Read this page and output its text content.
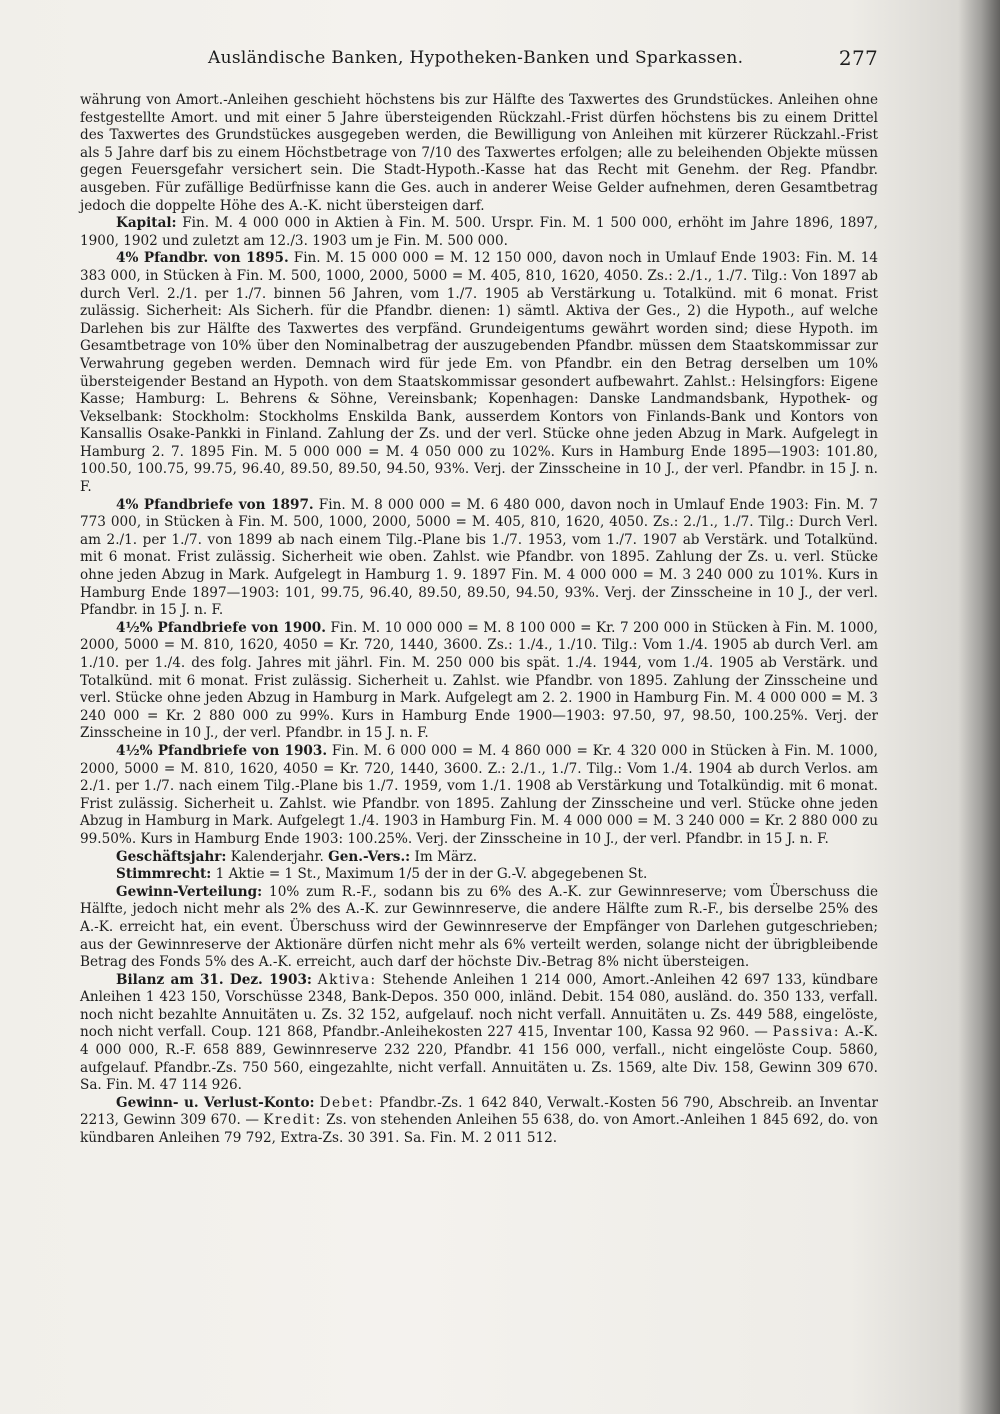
Ausländische Banken, Hypotheken-Banken und Sparkassen.	277

währung von Amort.-Anleihen geschieht höchstens bis zur Hälfte des Taxwertes des Grundstückes. Anleihen ohne festgestellte Amort. und mit einer 5 Jahre übersteigenden Rückzahl.-Frist dürfen höchstens bis zu einem Drittel des Taxwertes des Grundstückes ausgegeben werden, die Bewilligung von Anleihen mit kürzerer Rückzahl.-Frist als 5 Jahre darf bis zu einem Höchstbetrage von 7/10 des Taxwertes erfolgen; alle zu beleihenden Objekte müssen gegen Feuersgefahr versichert sein. Die Stadt-Hypoth.-Kasse hat das Recht mit Genehm. der Reg. Pfandbr. ausgeben. Für zufällige Bedürfnisse kann die Ges. auch in anderer Weise Gelder aufnehmen, deren Gesamtbetrag jedoch die doppelte Höhe des A.-K. nicht übersteigen darf.

Kapital: Fin. M. 4 000 000 in Aktien à Fin. M. 500. Urspr. Fin. M. 1 500 000, erhöht im Jahre 1896, 1897, 1900, 1902 und zuletzt am 12./3. 1903 um je Fin. M. 500 000.

4% Pfandbr. von 1895. Fin. M. 15 000 000 = M. 12 150 000, davon noch in Umlauf Ende 1903: Fin. M. 14 383 000, in Stücken à Fin. M. 500, 1000, 2000, 5000 = M. 405, 810, 1620, 4050. Zs.: 2./1., 1./7. Tilg.: Von 1897 ab durch Verl. 2./1. per 1./7. binnen 56 Jahren, vom 1./7. 1905 ab Verstärkung u. Totalkünd. mit 6 monat. Frist zulässig. Sicherheit: Als Sicherh. für die Pfandbr. dienen: 1) sämtl. Aktiva der Ges., 2) die Hypoth., auf welche Darlehen bis zur Hälfte des Taxwertes des verpfänd. Grundeigentums gewährt worden sind; diese Hypoth. im Gesamtbetrage von 10% über den Nominalbetrag der auszugebenden Pfandbr. müssen dem Staatskommissar zur Verwahrung gegeben werden. Demnach wird für jede Em. von Pfandbr. ein den Betrag derselben um 10% übersteigender Bestand an Hypoth. von dem Staatskommissar gesondert aufbewahrt. Zahlst.: Helsingfors: Eigene Kasse; Hamburg: L. Behrens & Söhne, Vereinsbank; Kopenhagen: Danske Landmandsbank, Hypothek- og Vekselbank: Stockholm: Stockholms Enskilda Bank, ausserdem Kontors von Finlands-Bank und Kontors von Kansallis Osake-Pankki in Finland. Zahlung der Zs. und der verl. Stücke ohne jeden Abzug in Mark. Aufgelegt in Hamburg 2. 7. 1895 Fin. M. 5 000 000 = M. 4 050 000 zu 102%. Kurs in Hamburg Ende 1895—1903: 101.80, 100.50, 100.75, 99.75, 96.40, 89.50, 89.50, 94.50, 93%. Verj. der Zinsscheine in 10 J., der verl. Pfandbr. in 15 J. n. F.

4% Pfandbriefe von 1897. Fin. M. 8 000 000 = M. 6 480 000, davon noch in Umlauf Ende 1903: Fin. M. 7 773 000, in Stücken à Fin. M. 500, 1000, 2000, 5000 = M. 405, 810, 1620, 4050. Zs.: 2./1., 1./7. Tilg.: Durch Verl. am 2./1. per 1./7. von 1899 ab nach einem Tilg.-Plane bis 1./7. 1953, vom 1./7. 1907 ab Verstärk. und Totalkünd. mit 6 monat. Frist zulässig. Sicherheit wie oben. Zahlst. wie Pfandbr. von 1895. Zahlung der Zs. u. verl. Stücke ohne jeden Abzug in Mark. Aufgelegt in Hamburg 1. 9. 1897 Fin. M. 4 000 000 = M. 3 240 000 zu 101%. Kurs in Hamburg Ende 1897—1903: 101, 99.75, 96.40, 89.50, 89.50, 94.50, 93%. Verj. der Zinsscheine in 10 J., der verl. Pfandbr. in 15 J. n. F.

4½% Pfandbriefe von 1900. Fin. M. 10 000 000 = M. 8 100 000 = Kr. 7 200 000 in Stücken à Fin. M. 1000, 2000, 5000 = M. 810, 1620, 4050 = Kr. 720, 1440, 3600. Zs.: 1./4., 1./10. Tilg.: Vom 1./4. 1905 ab durch Verl. am 1./10. per 1./4. des folg. Jahres mit jährl. Fin. M. 250 000 bis spät. 1./4. 1944, vom 1./4. 1905 ab Verstärk. und Totalkünd. mit 6 monat. Frist zulässig. Sicherheit u. Zahlst. wie Pfandbr. von 1895. Zahlung der Zinsscheine und verl. Stücke ohne jeden Abzug in Hamburg in Mark. Aufgelegt am 2. 2. 1900 in Hamburg Fin. M. 4 000 000 = M. 3 240 000 = Kr. 2 880 000 zu 99%. Kurs in Hamburg Ende 1900—1903: 97.50, 97, 98.50, 100.25%. Verj. der Zinsscheine in 10 J., der verl. Pfandbr. in 15 J. n. F.

4½% Pfandbriefe von 1903. Fin. M. 6 000 000 = M. 4 860 000 = Kr. 4 320 000 in Stücken à Fin. M. 1000, 2000, 5000 = M. 810, 1620, 4050 = Kr. 720, 1440, 3600. Z.: 2./1., 1./7. Tilg.: Vom 1./4. 1904 ab durch Verlos. am 2./1. per 1./7. nach einem Tilg.-Plane bis 1./7. 1959, vom 1./1. 1908 ab Verstärkung und Totalkündig. mit 6 monat. Frist zulässig. Sicherheit u. Zahlst. wie Pfandbr. von 1895. Zahlung der Zinsscheine und verl. Stücke ohne jeden Abzug in Hamburg in Mark. Aufgelegt 1./4. 1903 in Hamburg Fin. M. 4 000 000 = M. 3 240 000 = Kr. 2 880 000 zu 99.50%. Kurs in Hamburg Ende 1903: 100.25%. Verj. der Zinsscheine in 10 J., der verl. Pfandbr. in 15 J. n. F.

Geschäftsjahr: Kalenderjahr. Gen.-Vers.: Im März.

Stimmrecht: 1 Aktie = 1 St., Maximum 1/5 der in der G.-V. abgegebenen St.

Gewinn-Verteilung: 10% zum R.-F., sodann bis zu 6% des A.-K. zur Gewinnreserve; vom Überschuss die Hälfte, jedoch nicht mehr als 2% des A.-K. zur Gewinnreserve, die andere Hälfte zum R.-F., bis derselbe 25% des A.-K. erreicht hat, ein event. Überschuss wird der Gewinnreserve der Empfänger von Darlehen gutgeschrieben; aus der Gewinnreserve der Aktionäre dürfen nicht mehr als 6% verteilt werden, solange nicht der übrigbleibende Betrag des Fonds 5% des A.-K. erreicht, auch darf der höchste Div.-Betrag 8% nicht übersteigen.

Bilanz am 31. Dez. 1903: Aktiva: Stehende Anleihen 1 214 000, Amort.-Anleihen 42 697 133, kündbare Anleihen 1 423 150, Vorschüsse 2348, Bank-Depos. 350 000, inländ. Debit. 154 080, ausländ. do. 350 133, verfall. noch nicht bezahlte Annuitäten u. Zs. 32 152, aufgelauf. noch nicht verfall. Annuitäten u. Zs. 449 588, eingelöste, noch nicht verfall. Coup. 121 868, Pfandbr.-Anleihekosten 227 415, Inventar 100, Kassa 92 960. — Passiva: A.-K. 4 000 000, R.-F. 658 889, Gewinnreserve 232 220, Pfandbr. 41 156 000, verfall., nicht eingelöste Coup. 5860, aufgelauf. Pfandbr.-Zs. 750 560, eingezahlte, nicht verfall. Annuitäten u. Zs. 1569, alte Div. 158, Gewinn 309 670. Sa. Fin. M. 47 114 926.

Gewinn- u. Verlust-Konto: Debet: Pfandbr.-Zs. 1 642 840, Verwalt.-Kosten 56 790, Abschreib. an Inventar 2213, Gewinn 309 670. — Kredit: Zs. von stehenden Anleihen 55 638, do. von Amort.-Anleihen 1 845 692, do. von kündbaren Anleihen 79 792, Extra-Zs. 30 391. Sa. Fin. M. 2 011 512.
